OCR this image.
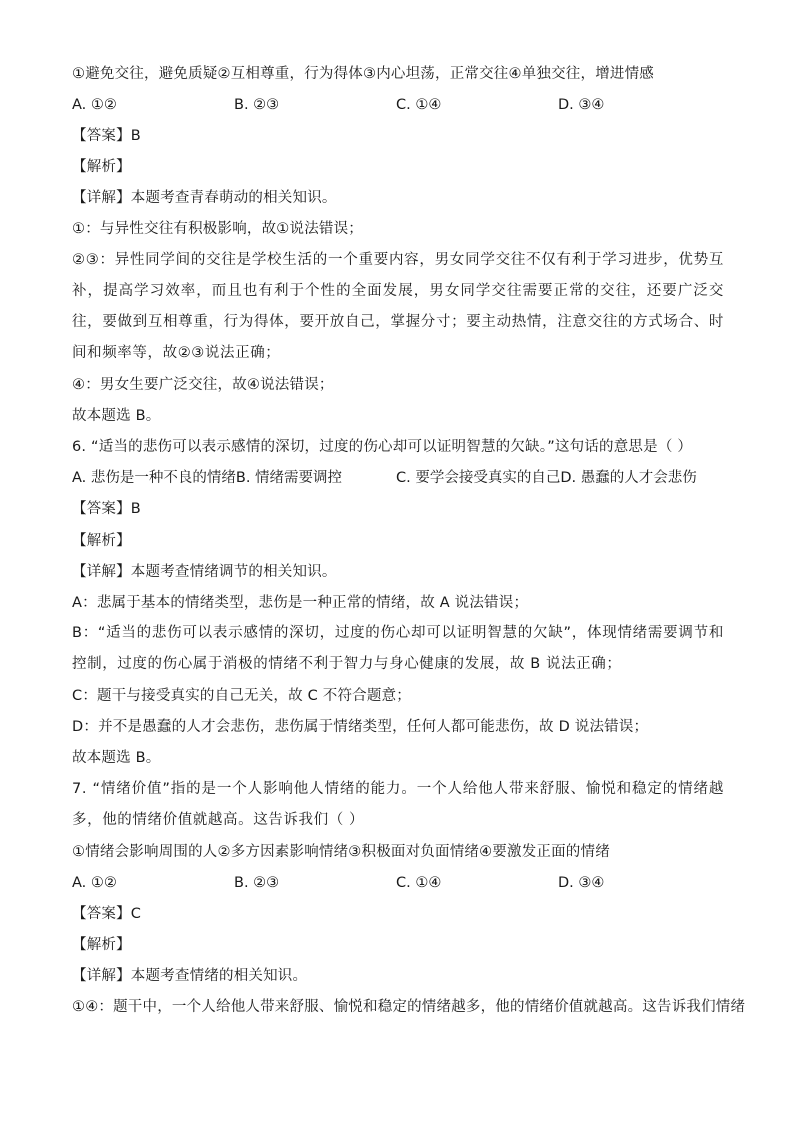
①避免交往，避免质疑②互相尊重，行为得体③内心坦荡，正常交往④单独交往，增进情感
A. ①②	B. ②③	C. ①④	D. ③④
【答案】B
【解析】
【详解】本题考查青春萌动的相关知识。
①：与异性交往有积极影响，故①说法错误；
②③：异性同学间的交往是学校生活的一个重要内容，男女同学交往不仅有利于学习进步，优势互补，提高学习效率，而且也有利于个性的全面发展，男女同学交往需要正常的交往，还要广泛交往，要做到互相尊重，行为得体，要开放自己，掌握分寸；要主动热情，注意交往的方式场合、时间和频率等，故②③说法正确；
④：男女生要广泛交往，故④说法错误；
故本题选 B。
6. “适当的悲伤可以表示感情的深切，过度的伤心却可以证明智慧的欠缺。”这句话的意思是（ ）
A. 悲伤是一种不良的情绪B. 情绪需要调控	C. 要学会接受真实的自己D. 愚蠢的人才会悲伤
【答案】B
【解析】
【详解】本题考查情绪调节的相关知识。
A：悲属于基本的情绪类型，悲伤是一种正常的情绪，故 A 说法错误；
B：“适当的悲伤可以表示感情的深切，过度的伤心却可以证明智慧的欠缺”，体现情绪需要调节和控制，过度的伤心属于消极的情绪不利于智力与身心健康的发展，故 B 说法正确；
C：题干与接受真实的自己无关，故 C 不符合题意；
D：并不是愚蠢的人才会悲伤，悲伤属于情绪类型，任何人都可能悲伤，故 D 说法错误；
故本题选 B。
7. “情绪价值”指的是一个人影响他人情绪的能力。一个人给他人带来舒服、愉悦和稳定的情绪越多，他的情绪价值就越高。这告诉我们（ ）
①情绪会影响周围的人②多方因素影响情绪③积极面对负面情绪④要激发正面的情绪
A. ①②	B. ②③	C. ①④	D. ③④
【答案】C
【解析】
【详解】本题考查情绪的相关知识。
①④：题干中，一个人给他人带来舒服、愉悦和稳定的情绪越多，他的情绪价值就越高。这告诉我们情绪
